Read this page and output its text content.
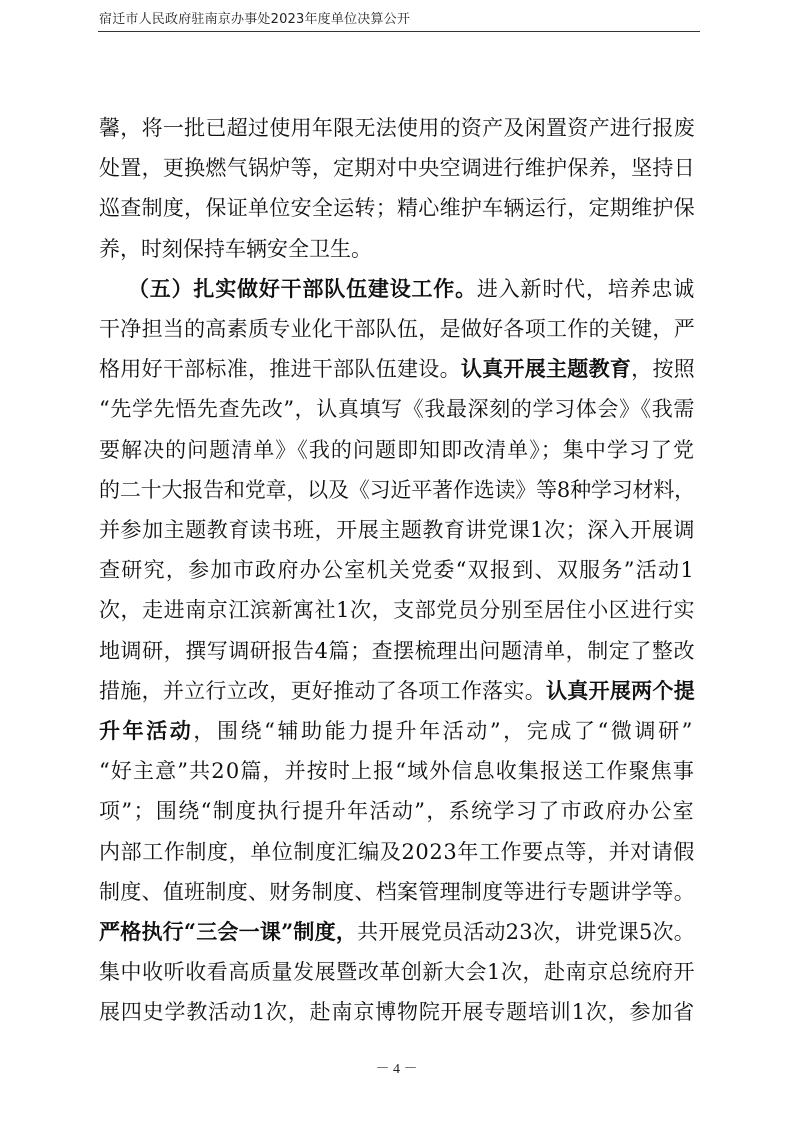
宿迁市人民政府驻南京办事处2023年度单位决算公开
馨，将一批已超过使用年限无法使用的资产及闲置资产进行报废
处置，更换燃气锅炉等，定期对中央空调进行维护保养，坚持日
巡查制度，保证单位安全运转；精心维护车辆运行，定期维护保
养，时刻保持车辆安全卫生。
（五）扎实做好干部队伍建设工作。 进入新时代，培养忠诚
干净担当的高素质专业化干部队伍，是做好各项工作的关键，严
格用好干部标准，推进干部队伍建设。 认真开展主题教育 ，按照
“先学先悟先查先改”，认真填写《我最深刻的学习体会》《我需
要解决的问题清单》《我的问题即知即改清单》；集中学习了党
的二十大报告和党章，以及《习近平著作选读》等8种学习材料，
并参加主题教育读书班，开展主题教育讲党课1次；深入开展调
查研究，参加市政府办公室机关党委“双报到、双服务”活动1
次，走进南京江滨新寓社1次，支部党员分别至居住小区进行实
地调研，撰写调研报告4篇；查摆梳理出问题清单，制定了整改
措施，并立行立改，更好推动了各项工作落实。 认真开展两个提
升年活动 ，围绕“辅助能力提升年活动”，完成了“微调研”
“好主意”共20篇，并按时上报“域外信息收集报送工作聚焦事
项”；围绕“制度执行提升年活动”，系统学习了市政府办公室
内部工作制度，单位制度汇编及2023年工作要点等，并对请假
制度、值班制度、财务制度、档案管理制度等进行专题讲学等。
严格执行“三会一课”制度， 共开展党员活动23次，讲党课5次。
－ 4 －
集中收听收看高质量发展暨改革创新大会1次，赴南京总统府开
展四史学教活动1次，赴南京博物院开展专题培训1次，参加省
